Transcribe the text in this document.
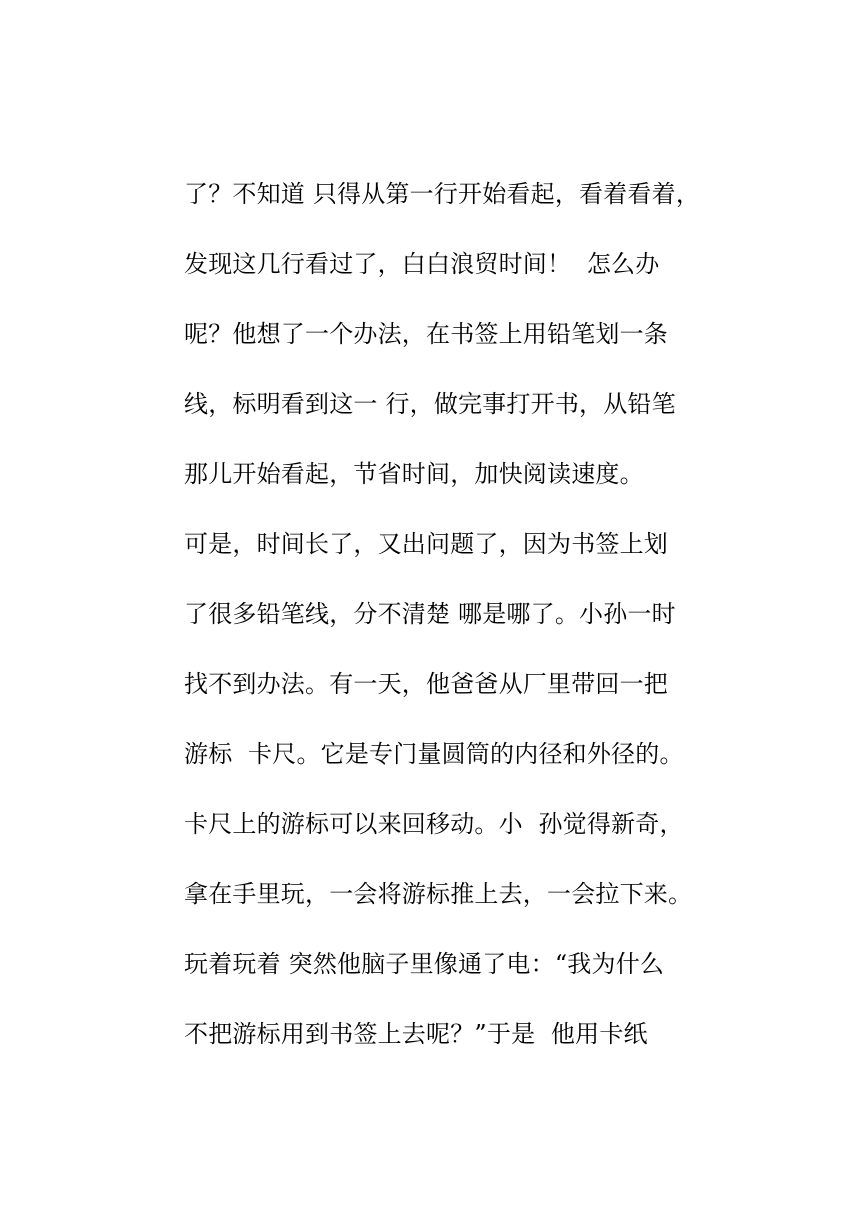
了？不知道 只得从第一行开始看起，看着看着，
发现这几行看过了，白白浪贸时间！  怎么办
呢？他想了一个办法，在书签上用铅笔划一条
线，标明看到这一 行，做完事打开书，从铅笔
那儿开始看起，节省时间，加快阅读速度。
可是，时间长了，又出问题了，因为书签上划
了很多铅笔线，分不清楚 哪是哪了。小孙一时
找不到办法。有一天，他爸爸从厂里带回一把
游标  卡尺。它是专门量圆筒的内径和外径的。
卡尺上的游标可以来回移动。小  孙觉得新奇，
拿在手里玩，一会将游标推上去，一会拉下来。
玩着玩着 突然他脑子里像通了电：“我为什么
不把游标用到书签上去呢？”于是  他用卡纸
